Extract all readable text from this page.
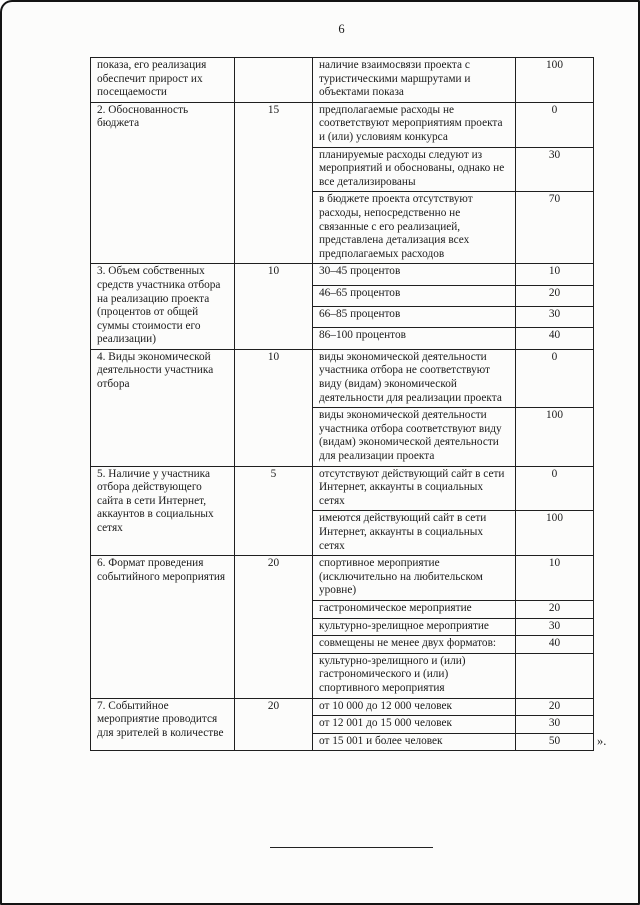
6
показа, его реализация обеспечит прирост их посещаемости		наличие взаимосвязи проекта с туристическими маршрутами и объектами показа	100
2. Обоснованность бюджета	15	предполагаемые расходы не соответствуют мероприятиям проекта и (или) условиям конкурса	0
		планируемые расходы следуют из мероприятий и обоснованы, однако не все детализированы	30
		в бюджете проекта отсутствуют расходы, непосредственно не связанные с его реализацией, представлена детализация всех предполагаемых расходов	70
3. Объем собственных средств участника отбора на реализацию проекта (процентов от общей суммы стоимости его реализации)	10	30–45 процентов	10
		46–65 процентов	20
		66–85 процентов	30
		86–100 процентов	40
4. Виды экономической деятельности участника отбора	10	виды экономической деятельности участника отбора не соответствуют виду (видам) экономической деятельности для реализации проекта	0
		виды экономической деятельности участника отбора соответствуют виду (видам) экономической деятельности для реализации проекта	100
5. Наличие у участника отбора действующего сайта в сети Интернет, аккаунтов в социальных сетях	5	отсутствуют действующий сайт в сети Интернет, аккаунты в социальных сетях	0
		имеются действующий сайт в сети Интернет, аккаунты в социальных сетях	100
6. Формат проведения событийного мероприятия	20	спортивное мероприятие (исключительно на любительском уровне)	10
		гастрономическое мероприятие	20
		культурно-зрелищное мероприятие	30
		совмещены не менее двух форматов:	40
		культурно-зрелищного и (или) гастрономического и (или) спортивного мероприятия	
7. Событийное мероприятие проводится для зрителей в количестве	20	от 10 000 до 12 000 человек	20
		от 12 001 до 15 000 человек	30
		от 15 001 и более человек	50	».
